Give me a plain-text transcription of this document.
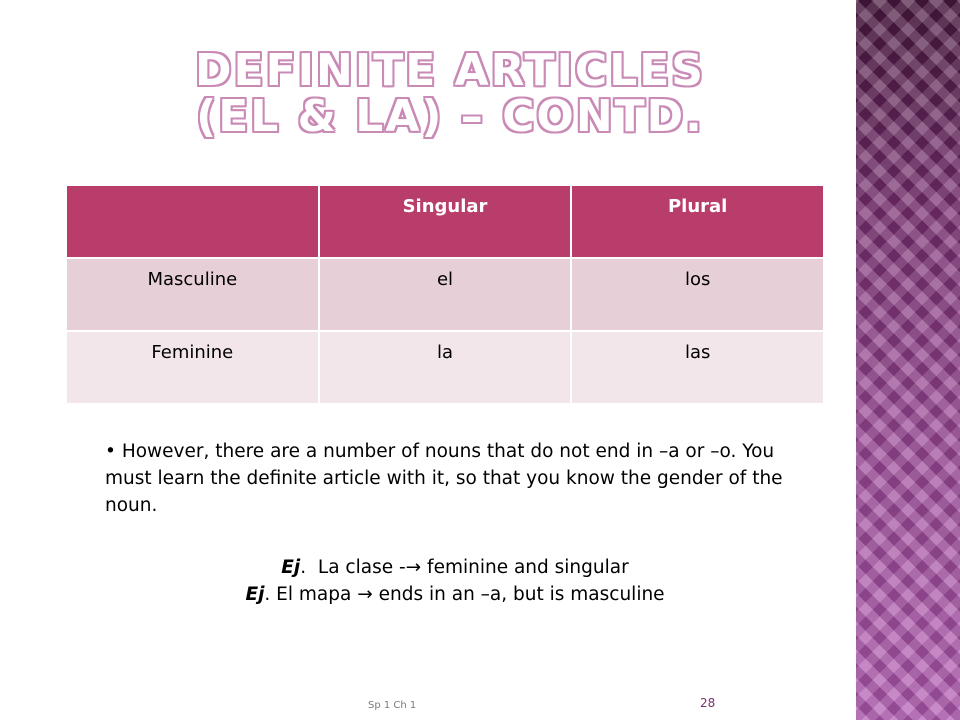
DEFINITE ARTICLES
(EL & LA) – CONTD.
	Singular	Plural
Masculine	el	los
Feminine	la	las
• However, there are a number of nouns that do not end in –a or –o. You must learn the definite article with it, so that you know the gender of the noun.
Ej.  La clase -→ feminine and singular
Ej. El mapa → ends in an –a, but is masculine
Sp 1 Ch 1	28
